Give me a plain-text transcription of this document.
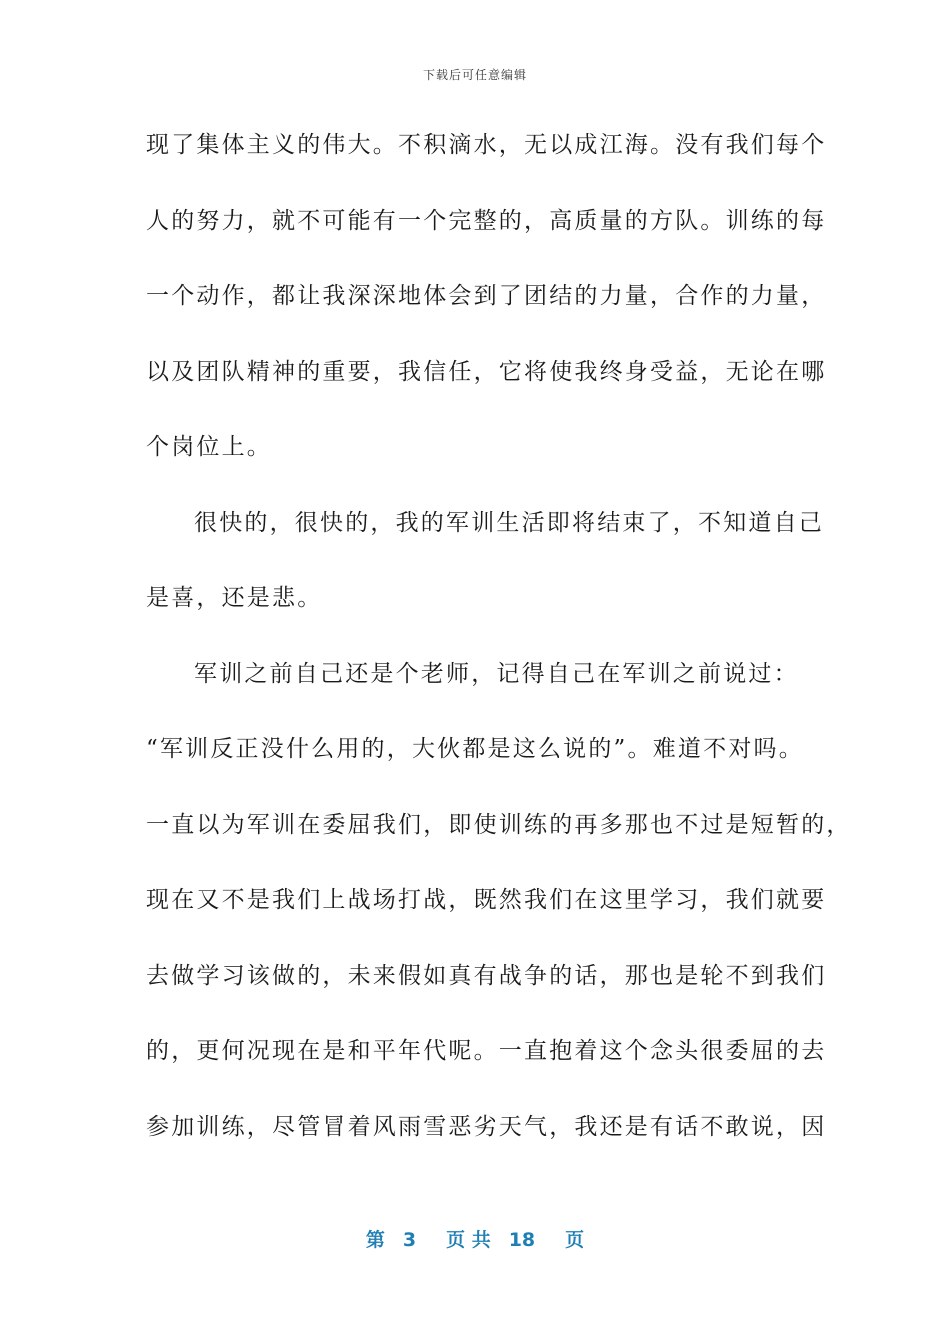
下载后可任意编辑
现了集体主义的伟大。不积滴水，无以成江海。没有我们每个
人的努力，就不可能有一个完整的，高质量的方队。训练的每
一个动作，都让我深深地体会到了团结的力量，合作的力量，
以及团队精神的重要，我信任，它将使我终身受益，无论在哪
个岗位上。
很快的，很快的，我的军训生活即将结束了，不知道自己
是喜，还是悲。
军训之前自己还是个老师，记得自己在军训之前说过：
“军训反正没什么用的，大伙都是这么说的”。难道不对吗。
一直以为军训在委屈我们，即使训练的再多那也不过是短暂的，
现在又不是我们上战场打战，既然我们在这里学习，我们就要
去做学习该做的，未来假如真有战争的话，那也是轮不到我们
的，更何况现在是和平年代呢。一直抱着这个念头很委屈的去
参加训练，尽管冒着风雨雪恶劣天气，我还是有话不敢说，因
第 3 页 共 18 页
